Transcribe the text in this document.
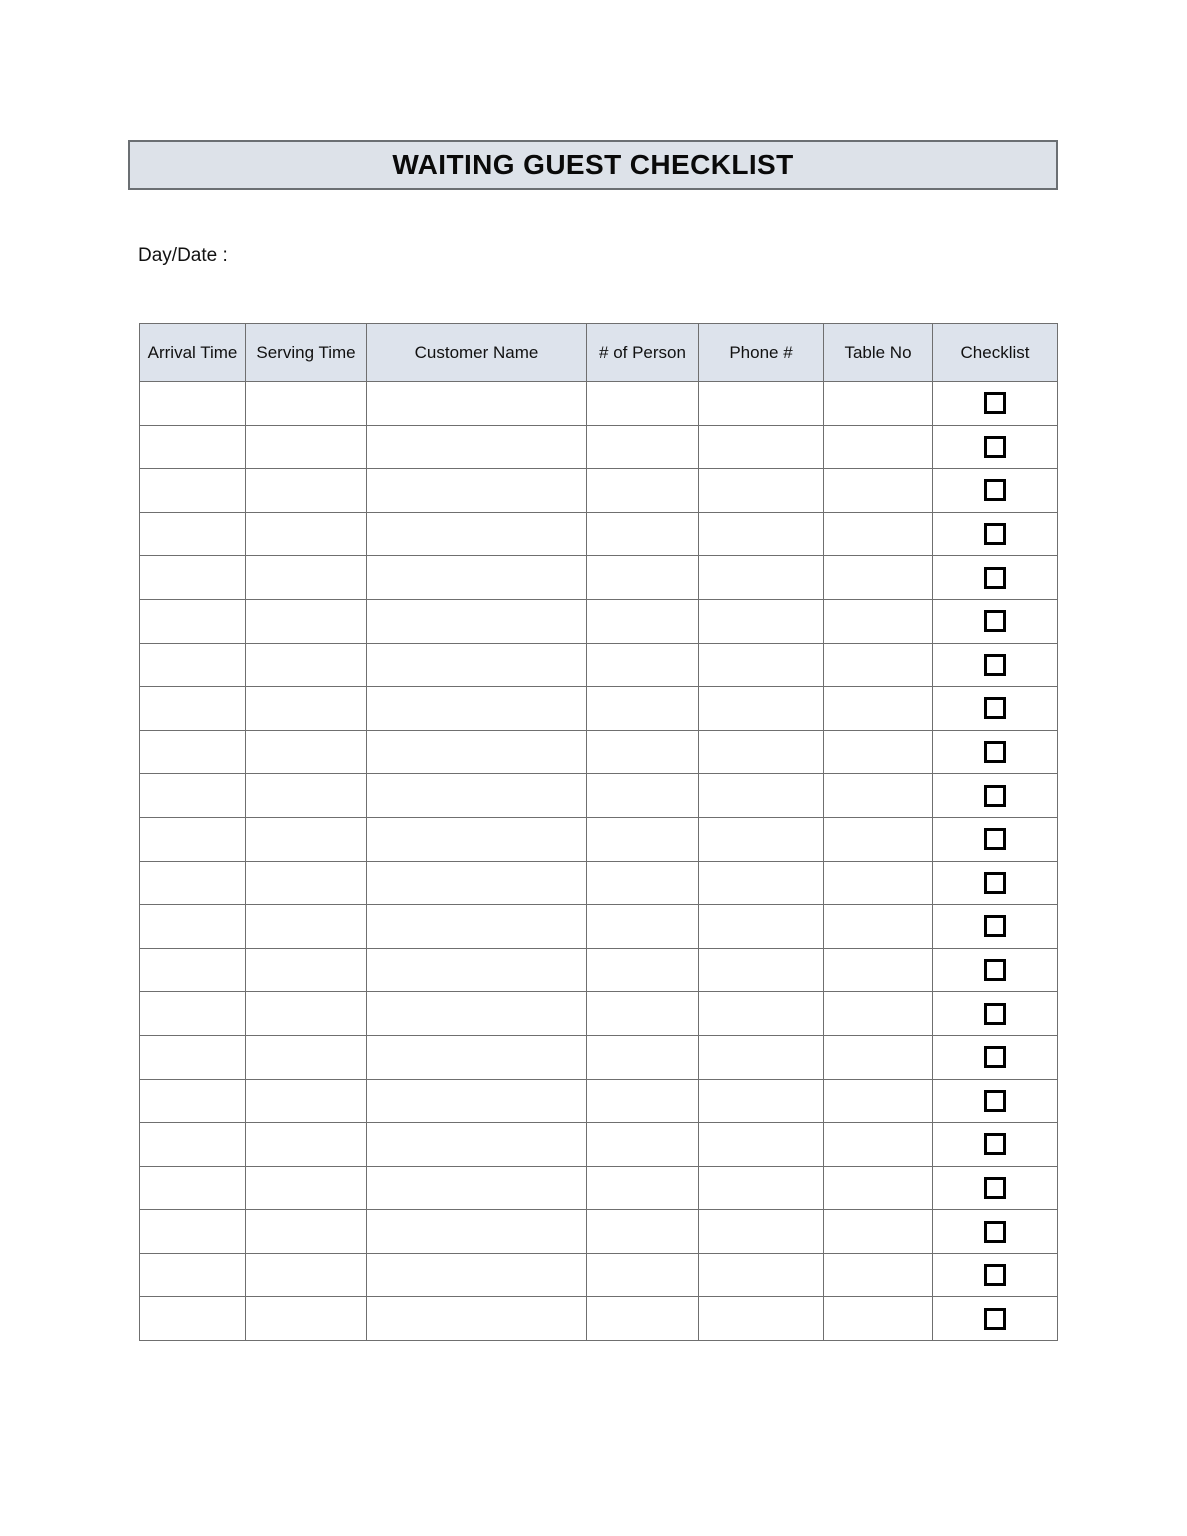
WAITING GUEST CHECKLIST
Day/Date :
Arrival Time	Serving Time	Customer Name	# of Person	Phone #	Table No	Checklist
